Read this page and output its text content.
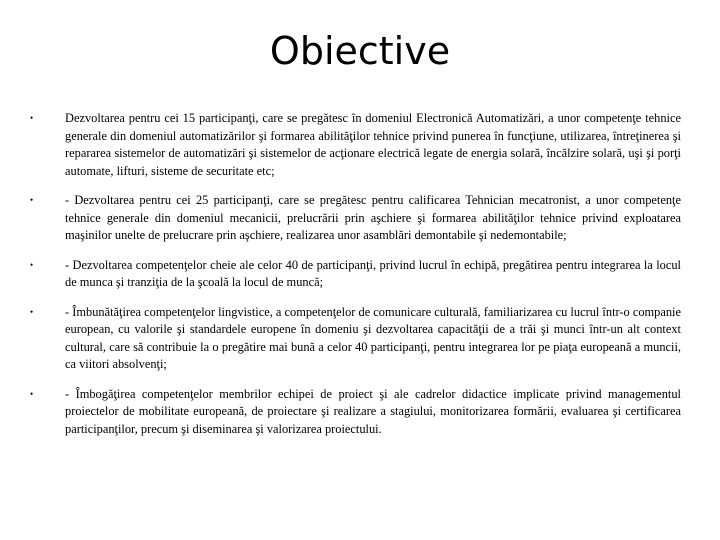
Obiective
•	Dezvoltarea pentru cei 15 participanţi, care se pregătesc în domeniul Electronică Automatizări, a unor competenţe tehnice generale din domeniul automatizărilor şi formarea abilităţilor tehnice privind punerea în funcţiune, utilizarea, întreţinerea şi repararea sistemelor de automatizări şi sistemelor de acţionare electrică legate de energia solară, încălzire solară, uşi şi porţi automate, lifturi, sisteme de securitate etc;
•	- Dezvoltarea pentru cei 25 participanţi, care se pregătesc pentru calificarea Tehnician mecatronist, a unor competenţe tehnice generale din domeniul mecanicii, prelucrării prin aşchiere şi formarea abilităţilor tehnice privind exploatarea maşinilor unelte de prelucrare prin aşchiere, realizarea unor asamblări demontabile şi nedemontabile;
•	- Dezvoltarea competenţelor cheie ale celor 40 de participanţi, privind lucrul în echipă, pregătirea pentru integrarea la locul de munca şi tranziţia de la şcoală la locul de muncă;
•	- Îmbunătăţirea competenţelor lingvistice, a competenţelor de comunicare culturală, familiarizarea cu lucrul într-o companie european, cu valorile şi standardele europene în domeniu şi dezvoltarea capacităţii de a trăi şi munci într-un alt context cultural, care să contribuie la o pregătire mai bună a celor 40 participanţi, pentru integrarea lor pe piaţa europeană a muncii, ca viitori absolvenţi;
•	- Îmbogăţirea competenţelor membrilor echipei de proiect şi ale cadrelor didactice implicate privind managementul proiectelor de mobilitate europeană, de proiectare şi realizare a stagiului, monitorizarea formării, evaluarea şi certificarea participanţilor, precum şi diseminarea şi valorizarea proiectului.
